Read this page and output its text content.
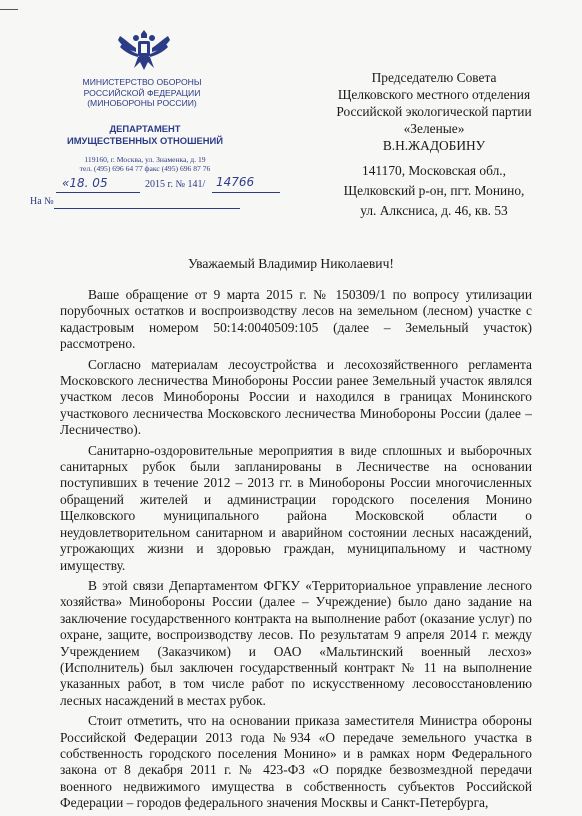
МИНИСТЕРСТВО ОБОРОНЫ
РОССИЙСКОЙ ФЕДЕРАЦИИ
(МИНОБОРОНЫ РОССИИ)
ДЕПАРТАМЕНТ
ИМУЩЕСТВЕННЫХ ОТНОШЕНИЙ
119160, г. Москва, ул. Знаменка, д. 19
тел. (495) 696 64 77 факс (495) 696 87 76
«18. 05	2015 г. № 141/ 14766
На №
Председателю Совета
Щелковского местного отделения
Российской экологической партии
«Зеленые»
В.Н.ЖАДОБИНУ
141170, Московская обл.,
Щелковский р-он, пгт. Монино,
ул. Алксниса, д. 46, кв. 53
Уважаемый Владимир Николаевич!

Ваше обращение от 9 марта 2015 г. № 150309/1 по вопросу утилизации порубочных остатков и воспроизводству лесов на земельном (лесном) участке с кадастровым номером 50:14:0040509:105 (далее – Земельный участок) рассмотрено.

Согласно материалам лесоустройства и лесохозяйственного регламента Московского лесничества Минобороны России ранее Земельный участок являлся участком лесов Минобороны России и находился в границах Монинского участкового лесничества Московского лесничества Минобороны России (далее – Лесничество).

Санитарно-оздоровительные мероприятия в виде сплошных и выборочных санитарных рубок были запланированы в Лесничестве на основании поступивших в течение 2012 – 2013 гг. в Минобороны России многочисленных обращений жителей и администрации городского поселения Монино Щелковского муниципального района Московской области о неудовлетворительном санитарном и аварийном состоянии лесных насаждений, угрожающих жизни и здоровью граждан, муниципальному и частному имуществу.

В этой связи Департаментом ФГКУ «Территориальное управление лесного хозяйства» Минобороны России (далее – Учреждение) было дано задание на заключение государственного контракта на выполнение работ (оказание услуг) по охране, защите, воспроизводству лесов. По результатам 9 апреля 2014 г. между Учреждением (Заказчиком) и ОАО «Мальтинский военный лесхоз» (Исполнитель) был заключен государственный контракт № 11 на выполнение указанных работ, в том числе работ по искусственному лесовосстановлению лесных насаждений в местах рубок.

Стоит отметить, что на основании приказа заместителя Министра обороны Российской Федерации 2013 года №934 «О передаче земельного участка в собственность городского поселения Монино» и в рамках норм Федерального закона от 8 декабря 2011 г. № 423-ФЗ «О порядке безвозмездной передачи военного недвижимого имущества в собственность субъектов Российской Федерации – городов федерального значения Москвы и Санкт-Петербурга,
